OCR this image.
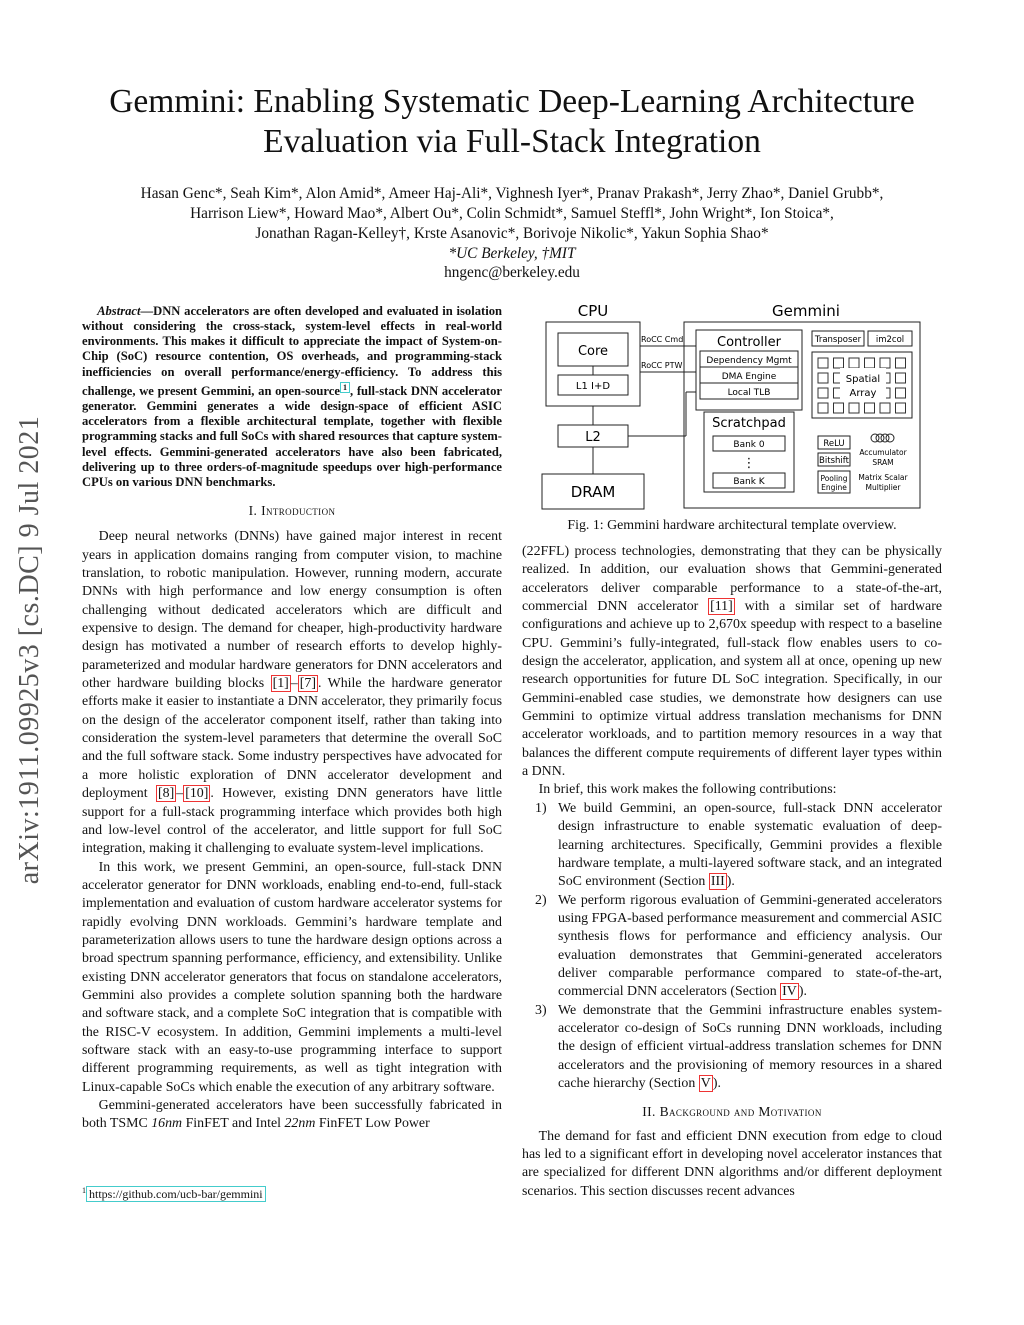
arXiv:1911.09925v3 [cs.DC] 9 Jul 2021
Gemmini: Enabling Systematic Deep-Learning Architecture
Evaluation via Full-Stack Integration
Hasan Genc*, Seah Kim*, Alon Amid*, Ameer Haj-Ali*, Vighnesh Iyer*, Pranav Prakash*, Jerry Zhao*, Daniel Grubb*,
Harrison Liew*, Howard Mao*, Albert Ou*, Colin Schmidt*, Samuel Steffl*, John Wright*, Ion Stoica*,
Jonathan Ragan-Kelley†, Krste Asanovic*, Borivoje Nikolic*, Yakun Sophia Shao*
*UC Berkeley, †MIT
hngenc@berkeley.edu

Abstract—DNN accelerators are often developed and evaluated in isolation without considering the cross-stack, system-level effects in real-world environments. This makes it difficult to appreciate the impact of System-on-Chip (SoC) resource contention, OS overheads, and programming-stack inefficiencies on overall performance/energy-efficiency. To address this challenge, we present Gemmini, an open-source $^1$ , full-stack DNN accelerator generator. Gemmini generates a wide design-space of efficient ASIC accelerators from a flexible architectural template, together with flexible programming stacks and full SoCs with shared resources that capture system-level effects. Gemmini-generated accelerators have also been fabricated, delivering up to three orders-of-magnitude speedups over high-performance CPUs on various DNN benchmarks.

I. Introduction

Deep neural networks (DNNs) have gained major interest in recent years in application domains ranging from computer vision, to machine translation, to robotic manipulation. However, running modern, accurate DNNs with high performance and low energy consumption is often challenging without dedicated accelerators which are difficult and expensive to design. The demand for cheaper, high-productivity hardware design has motivated a number of research efforts to develop highly-parameterized and modular hardware generators for DNN accelerators and other hardware building blocks [1] – [7] . While the hardware generator efforts make it easier to instantiate a DNN accelerator, they primarily focus on the design of the accelerator component itself, rather than taking into consideration the system-level parameters that determine the overall SoC and the full software stack. Some industry perspectives have advocated for a more holistic exploration of DNN accelerator development and deployment [8] – [10] . However, existing DNN generators have little support for a full-stack programming interface which provides both high and low-level control of the accelerator, and little support for full SoC integration, making it challenging to evaluate system-level implications.

In this work, we present Gemmini, an open-source, full-stack DNN accelerator generator for DNN workloads, enabling end-to-end, full-stack implementation and evaluation of custom hardware accelerator systems for rapidly evolving DNN workloads. Gemmini’s hardware template and parameterization allows users to tune the hardware design options across a broad spectrum spanning performance, efficiency, and extensibility. Unlike existing DNN accelerator generators that focus on standalone accelerators, Gemmini also provides a complete solution spanning both the hardware and software stack, and a complete SoC integration that is compatible with the RISC-V ecosystem. In addition, Gemmini implements a multi-level software stack with an easy-to-use programming interface to support different programming requirements, as well as tight integration with Linux-capable SoCs which enable the execution of any arbitrary software.

Gemmini-generated accelerators have been successfully fabricated in both TSMC 16nm FinFET and Intel 22nm FinFET Low Power

$^1$ https://github.com/ucb-bar/gemmini
CPU	Gemmini
Core
L1 I+D
L2
DRAM
RoCC Cmd
RoCC PTW
Controller
Dependency Mgmt
DMA Engine
Local TLB
Scratchpad
Bank 0
⋮
Bank K
Transposer im2col
Spatial
Array
ReLU
Bitshift
Pooling
Engine
Accumulator
SRAM
Matrix Scalar
Multiplier
Fig. 1: Gemmini hardware architectural template overview.

(22FFL) process technologies, demonstrating that they can be physically realized. In addition, our evaluation shows that Gemmini-generated accelerators deliver comparable performance to a state-of-the-art, commercial DNN accelerator [11] with a similar set of hardware configurations and achieve up to 2,670x speedup with respect to a baseline CPU. Gemmini’s fully-integrated, full-stack flow enables users to co-design the accelerator, application, and system all at once, opening up new research opportunities for future DL SoC integration. Specifically, in our Gemmini-enabled case studies, we demonstrate how designers can use Gemmini to optimize virtual address translation mechanisms for DNN accelerator workloads, and to partition memory resources in a way that balances the different compute requirements of different layer types within a DNN.

In brief, this work makes the following contributions:

1) We build Gemmini, an open-source, full-stack DNN accelerator design infrastructure to enable systematic evaluation of deep-learning architectures. Specifically, Gemmini provides a flexible hardware template, a multi-layered software stack, and an integrated SoC environment (Section III ).
2) We perform rigorous evaluation of Gemmini-generated accelerators using FPGA-based performance measurement and commercial ASIC synthesis flows for performance and efficiency analysis. Our evaluation demonstrates that Gemmini-generated accelerators deliver comparable performance compared to state-of-the-art, commercial DNN accelerators (Section IV ).
3) We demonstrate that the Gemmini infrastructure enables system-accelerator co-design of SoCs running DNN workloads, including the design of efficient virtual-address translation schemes for DNN accelerators and the provisioning of memory resources in a shared cache hierarchy (Section V ).
II. Background and Motivation

The demand for fast and efficient DNN execution from edge to cloud has led to a significant effort in developing novel accelerator instances that are specialized for different DNN algorithms and/or different deployment scenarios. This section discusses recent advances
